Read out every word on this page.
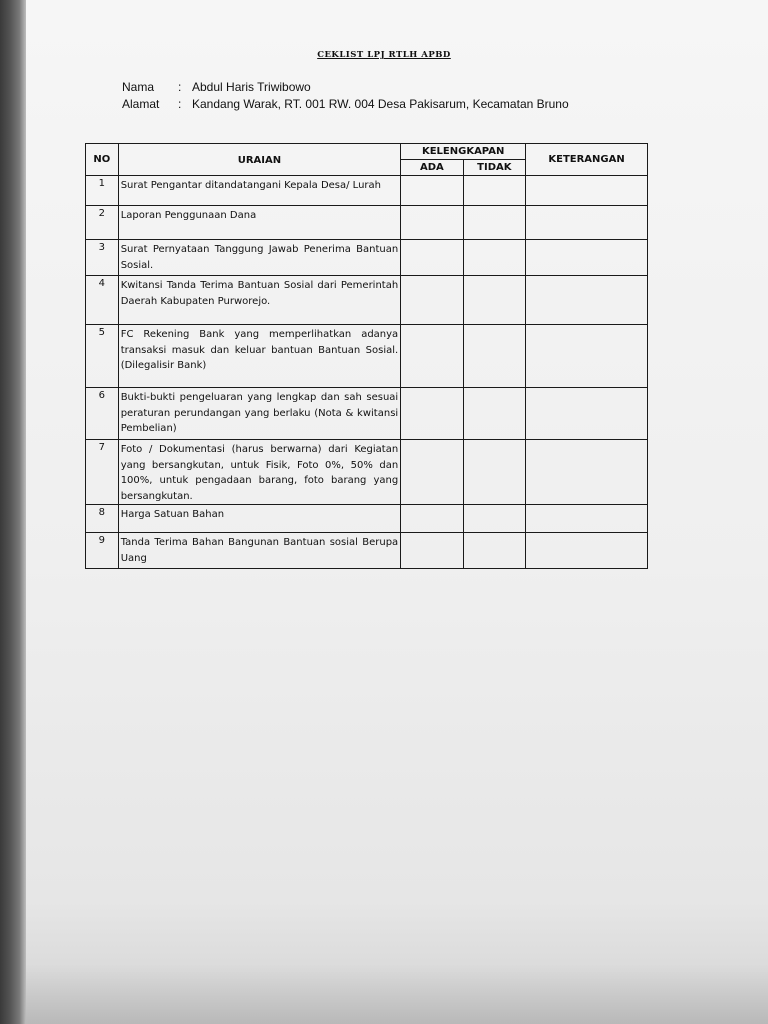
CEKLIST LPJ RTLH APBD
Nama : Abdul Haris Triwibowo
Alamat : Kandang Warak, RT. 001 RW. 004 Desa Pakisarum, Kecamatan Bruno
NO	URAIAN	KELENGKAPAN		KETERANGAN
		ADA	TIDAK	
1	Surat Pengantar ditandatangani Kepala Desa/ Lurah			
2	Laporan Penggunaan Dana			
3	Surat Pernyataan Tanggung Jawab Penerima Bantuan Sosial.			
4	Kwitansi Tanda Terima Bantuan Sosial dari Pemerintah Daerah Kabupaten Purworejo.			
5	FC Rekening Bank yang memperlihatkan adanya transaksi masuk dan keluar bantuan Bantuan Sosial. (Dilegalisir Bank)			
6	Bukti-bukti pengeluaran yang lengkap dan sah sesuai peraturan perundangan yang berlaku (Nota & kwitansi Pembelian)			
7	Foto / Dokumentasi (harus berwarna) dari Kegiatan yang bersangkutan, untuk Fisik, Foto 0%, 50% dan 100%, untuk pengadaan barang, foto barang yang bersangkutan.			
8	Harga Satuan Bahan			
9	Tanda Terima Bahan Bangunan Bantuan sosial Berupa Uang			
